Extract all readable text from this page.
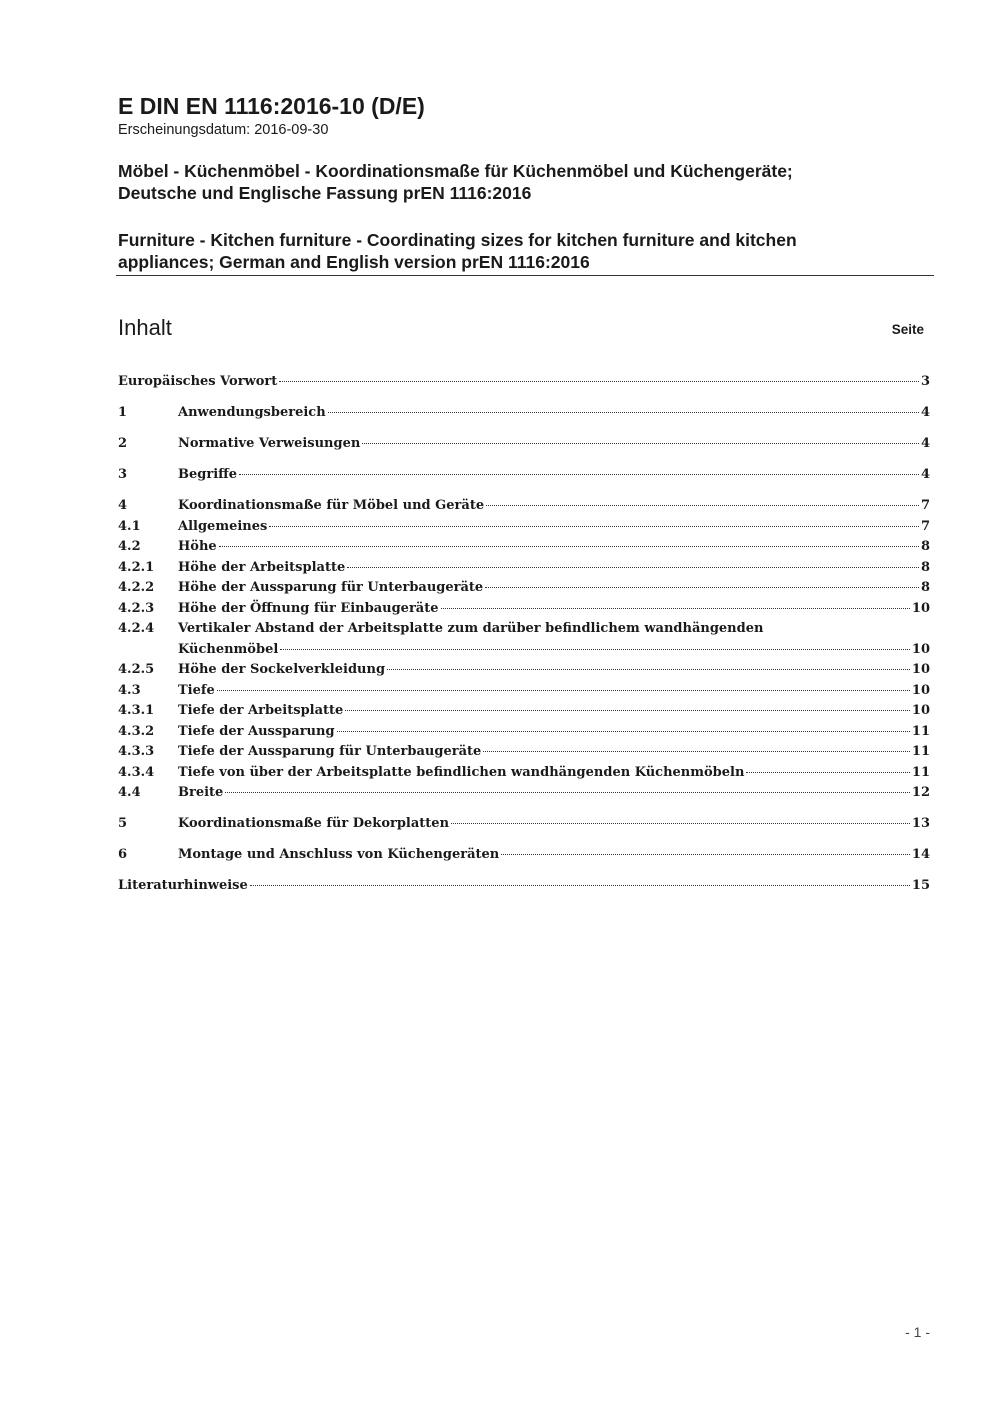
E DIN EN 1116:2016-10 (D/E)
Erscheinungsdatum: 2016-09-30
Möbel - Küchenmöbel - Koordinationsmaße für Küchenmöbel und Küchengeräte;
Deutsche und Englische Fassung prEN 1116:2016
Furniture - Kitchen furniture - Coordinating sizes for kitchen furniture and kitchen
appliances; German and English version prEN 1116:2016
Inhalt	Seite
Europäisches Vorwort	3
1	Anwendungsbereich	4
2	Normative Verweisungen	4
3	Begriffe	4
4	Koordinationsmaße für Möbel und Geräte	7
4.1	Allgemeines	7
4.2	Höhe	8
4.2.1	Höhe der Arbeitsplatte	8
4.2.2	Höhe der Aussparung für Unterbaugeräte	8
4.2.3	Höhe der Öffnung für Einbaugeräte	10
4.2.4	Vertikaler Abstand der Arbeitsplatte zum darüber befindlichem wandhängenden
Küchenmöbel	10
4.2.5	Höhe der Sockelverkleidung	10
4.3	Tiefe	10
4.3.1	Tiefe der Arbeitsplatte	10
4.3.2	Tiefe der Aussparung	11
4.3.3	Tiefe der Aussparung für Unterbaugeräte	11
4.3.4	Tiefe von über der Arbeitsplatte befindlichen wandhängenden Küchenmöbeln	11
4.4	Breite	12
5	Koordinationsmaße für Dekorplatten	13
6	Montage und Anschluss von Küchengeräten	14
Literaturhinweise	15
- 1 -
